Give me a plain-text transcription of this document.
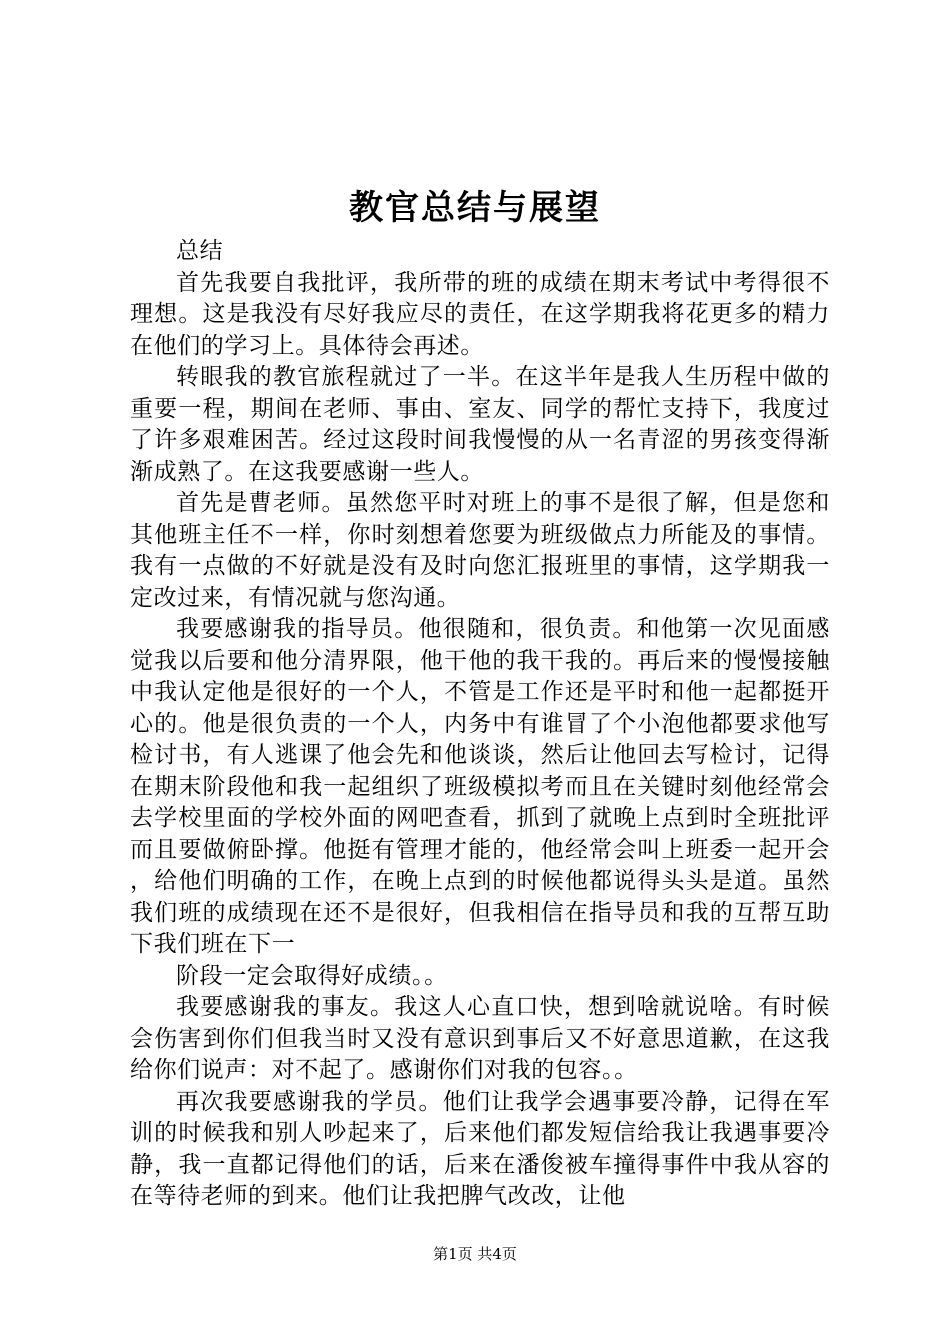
教官总结与展望

总结

首先我要自我批评，我所带的班的成绩在期末考试中考得很不理想。这是我没有尽好我应尽的责任，在这学期我将花更多的精力在他们的学习上。具体待会再述。

转眼我的教官旅程就过了一半。在这半年是我人生历程中做的重要一程，期间在老师、事由、室友、同学的帮忙支持下，我度过了许多艰难困苦。经过这段时间我慢慢的从一名青涩的男孩变得渐渐成熟了。在这我要感谢一些人。

首先是曹老师。虽然您平时对班上的事不是很了解，但是您和其他班主任不一样，你时刻想着您要为班级做点力所能及的事情。我有一点做的不好就是没有及时向您汇报班里的事情，这学期我一定改过来，有情况就与您沟通。

我要感谢我的指导员。他很随和，很负责。和他第一次见面感觉我以后要和他分清界限，他干他的我干我的。再后来的慢慢接触中我认定他是很好的一个人，不管是工作还是平时和他一起都挺开心的。他是很负责的一个人，内务中有谁冒了个小泡他都要求他写检讨书，有人逃课了他会先和他谈谈，然后让他回去写检讨，记得在期末阶段他和我一起组织了班级模拟考而且在关键时刻他经常会去学校里面的学校外面的网吧查看，抓到了就晚上点到时全班批评而且要做俯卧撑。他挺有管理才能的，他经常会叫上班委一起开会，给他们明确的工作，在晚上点到的时候他都说得头头是道。虽然我们班的成绩现在还不是很好，但我相信在指导员和我的互帮互助下我们班在下一

阶段一定会取得好成绩。。

我要感谢我的事友。我这人心直口快，想到啥就说啥。有时候会伤害到你们但我当时又没有意识到事后又不好意思道歉，在这我给你们说声：对不起了。感谢你们对我的包容。。

再次我要感谢我的学员。他们让我学会遇事要冷静，记得在军训的时候我和别人吵起来了，后来他们都发短信给我让我遇事要冷静，我一直都记得他们的话，后来在潘俊被车撞得事件中我从容的在等待老师的到来。他们让我把脾气改改，让他

第1页 共4页
